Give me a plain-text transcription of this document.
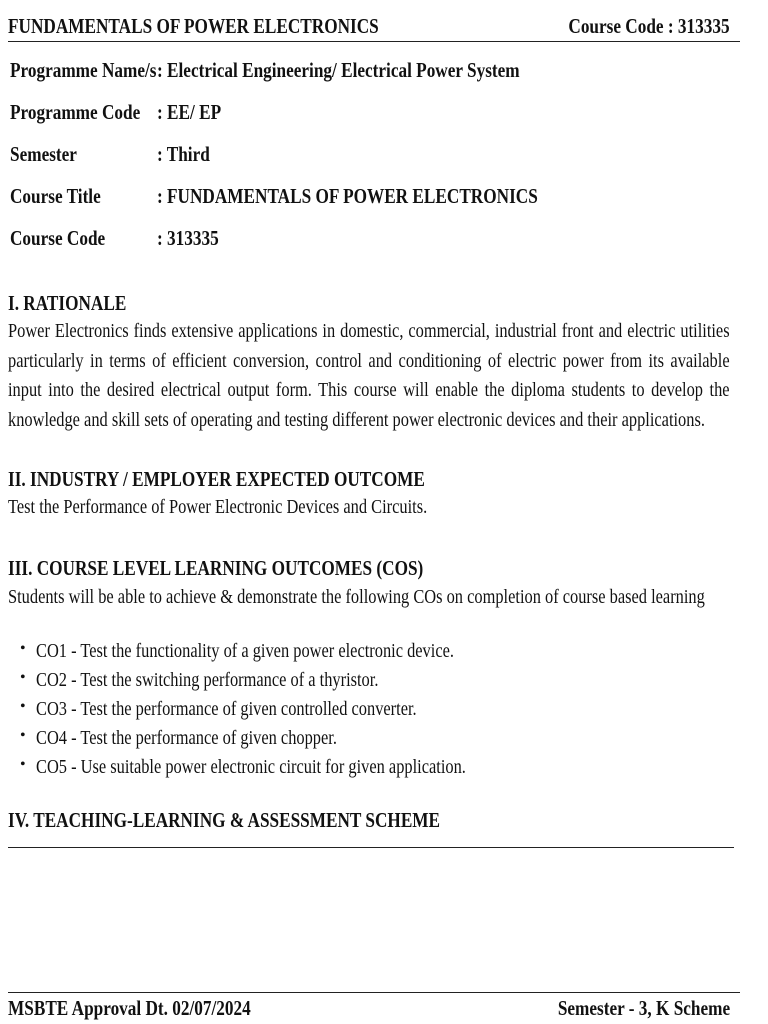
FUNDAMENTALS OF POWER ELECTRONICS	Course Code : 313335
Programme Name/s : Electrical Engineering/ Electrical Power System
Programme Code : EE/ EP
Semester	: Third
Course Title	: FUNDAMENTALS OF POWER ELECTRONICS
Course Code	: 313335
I. RATIONALE
Power Electronics finds extensive applications in domestic, commercial, industrial front and electric utilities particularly in terms of efficient conversion, control and conditioning of electric power from its available input into the desired electrical output form. This course will enable the diploma students to develop the knowledge and skill sets of operating and testing different power electronic devices and their applications.
II. INDUSTRY / EMPLOYER EXPECTED OUTCOME
Test the Performance of Power Electronic Devices and Circuits.
III. COURSE LEVEL LEARNING OUTCOMES (COS)
Students will be able to achieve & demonstrate the following COs on completion of course based learning
• CO1 - Test the functionality of a given power electronic device.
• CO2 - Test the switching performance of a thyristor.
• CO3 - Test the performance of given controlled converter.
• CO4 - Test the performance of given chopper.
• CO5 - Use suitable power electronic circuit for given application.
IV. TEACHING-LEARNING & ASSESSMENT SCHEME
MSBTE Approval Dt. 02/07/2024	Semester - 3, K Scheme
